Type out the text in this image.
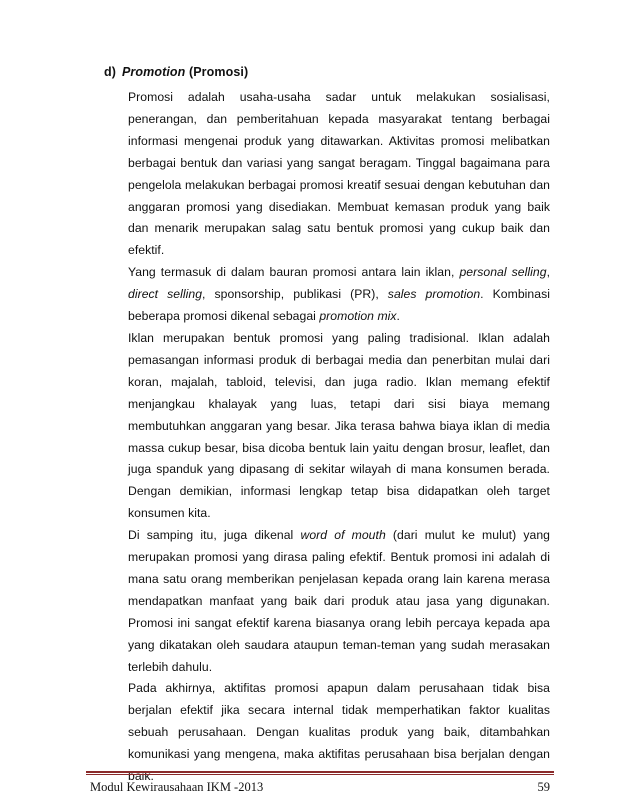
d) Promotion (Promosi)

Promosi adalah usaha-usaha sadar untuk melakukan sosialisasi, penerangan, dan pemberitahuan kepada masyarakat tentang berbagai informasi mengenai produk yang ditawarkan. Aktivitas promosi melibatkan berbagai bentuk dan variasi yang sangat beragam. Tinggal bagaimana para pengelola melakukan berbagai promosi kreatif sesuai dengan kebutuhan dan anggaran promosi yang disediakan. Membuat kemasan produk yang baik dan menarik merupakan salag satu bentuk promosi yang cukup baik dan efektif.

Yang termasuk di dalam bauran promosi antara lain iklan, personal selling, direct selling, sponsorship, publikasi (PR), sales promotion. Kombinasi beberapa promosi dikenal sebagai promotion mix.

Iklan merupakan bentuk promosi yang paling tradisional. Iklan adalah pemasangan informasi produk di berbagai media dan penerbitan mulai dari koran, majalah, tabloid, televisi, dan juga radio. Iklan memang efektif menjangkau khalayak yang luas, tetapi dari sisi biaya memang membutuhkan anggaran yang besar. Jika terasa bahwa biaya iklan di media massa cukup besar, bisa dicoba bentuk lain yaitu dengan brosur, leaflet, dan juga spanduk yang dipasang di sekitar wilayah di mana konsumen berada. Dengan demikian, informasi lengkap tetap bisa didapatkan oleh target konsumen kita.

Di samping itu, juga dikenal word of mouth (dari mulut ke mulut) yang merupakan promosi yang dirasa paling efektif. Bentuk promosi ini adalah di mana satu orang memberikan penjelasan kepada orang lain karena merasa mendapatkan manfaat yang baik dari produk atau jasa yang digunakan. Promosi ini sangat efektif karena biasanya orang lebih percaya kepada apa yang dikatakan oleh saudara ataupun teman-teman yang sudah merasakan terlebih dahulu.

Pada akhirnya, aktifitas promosi apapun dalam perusahaan tidak bisa berjalan efektif jika secara internal tidak memperhatikan faktor kualitas sebuah perusahaan. Dengan kualitas produk yang baik, ditambahkan komunikasi yang mengena, maka aktifitas perusahaan bisa berjalan dengan baik.

Modul Kewirausahaan IKM -2013	59
